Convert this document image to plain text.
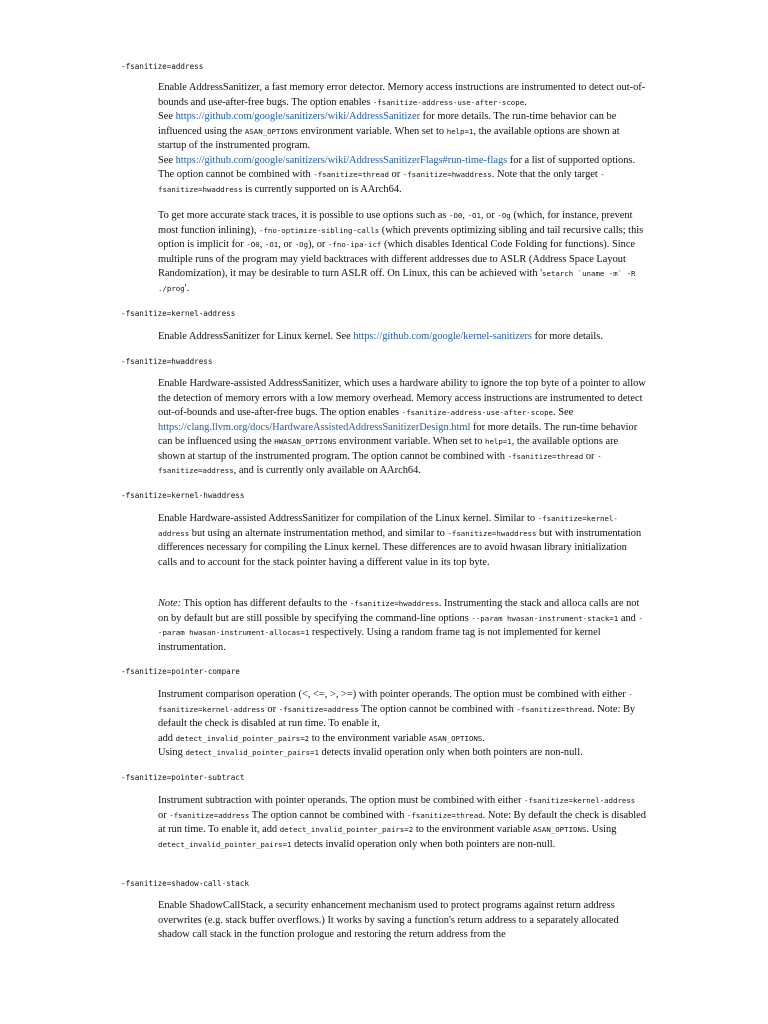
-fsanitize=address
Enable AddressSanitizer, a fast memory error detector. Memory access instructions are instrumented to detect out-of-bounds and use-after-free bugs. The option enables -fsanitize-address-use-after-scope.
See https://github.com/google/sanitizers/wiki/AddressSanitizer for more details. The run-time behavior can be influenced using the ASAN_OPTIONS environment variable. When set to help=1, the available options are shown at startup of the instrumented program.
See https://github.com/google/sanitizers/wiki/AddressSanitizerFlags#run-time-flags for a list of supported options. The option cannot be combined with -fsanitize=thread or -fsanitize=hwaddress. Note that the only target -fsanitize=hwaddress is currently supported on is AArch64.
To get more accurate stack traces, it is possible to use options such as -O0, -O1, or -Og (which, for instance, prevent most function inlining), -fno-optimize-sibling-calls (which prevents optimizing sibling and tail recursive calls; this option is implicit for -O0, -O1, or -Og), or -fno-ipa-icf (which disables Identical Code Folding for functions). Since multiple runs of the program may yield backtraces with different addresses due to ASLR (Address Space Layout Randomization), it may be desirable to turn ASLR off. On Linux, this can be achieved with 'setarch `uname -m` -R ./prog'.
-fsanitize=kernel-address
Enable AddressSanitizer for Linux kernel. See https://github.com/google/kernel-sanitizers for more details.
-fsanitize=hwaddress
Enable Hardware-assisted AddressSanitizer, which uses a hardware ability to ignore the top byte of a pointer to allow the detection of memory errors with a low memory overhead. Memory access instructions are instrumented to detect out-of-bounds and use-after-free bugs. The option enables -fsanitize-address-use-after-scope. See https://clang.llvm.org/docs/HardwareAssistedAddressSanitizerDesign.html for more details. The run-time behavior can be influenced using the HWASAN_OPTIONS environment variable. When set to help=1, the available options are shown at startup of the instrumented program. The option cannot be combined with -fsanitize=thread or -fsanitize=address, and is currently only available on AArch64.
-fsanitize=kernel-hwaddress
Enable Hardware-assisted AddressSanitizer for compilation of the Linux kernel. Similar to -fsanitize=kernel-address but using an alternate instrumentation method, and similar to -fsanitize=hwaddress but with instrumentation differences necessary for compiling the Linux kernel. These differences are to avoid hwasan library initialization calls and to account for the stack pointer having a different value in its top byte.
Note: This option has different defaults to the -fsanitize=hwaddress. Instrumenting the stack and alloca calls are not on by default but are still possible by specifying the command-line options --param hwasan-instrument-stack=1 and --param hwasan-instrument-allocas=1 respectively. Using a random frame tag is not implemented for kernel instrumentation.
-fsanitize=pointer-compare
Instrument comparison operation (<, <=, >, >=) with pointer operands. The option must be combined with either -fsanitize=kernel-address or -fsanitize=address The option cannot be combined with -fsanitize=thread. Note: By default the check is disabled at run time. To enable it,
add detect_invalid_pointer_pairs=2 to the environment variable ASAN_OPTIONS.
Using detect_invalid_pointer_pairs=1 detects invalid operation only when both pointers are non-null.
-fsanitize=pointer-subtract
Instrument subtraction with pointer operands. The option must be combined with either -fsanitize=kernel-address or -fsanitize=address The option cannot be combined with -fsanitize=thread. Note: By default the check is disabled at run time. To enable it, add detect_invalid_pointer_pairs=2 to the environment variable ASAN_OPTIONS. Using detect_invalid_pointer_pairs=1 detects invalid operation only when both pointers are non-null.
-fsanitize=shadow-call-stack
Enable ShadowCallStack, a security enhancement mechanism used to protect programs against return address overwrites (e.g. stack buffer overflows.) It works by saving a function's return address to a separately allocated shadow call stack in the function prologue and restoring the return address from the
